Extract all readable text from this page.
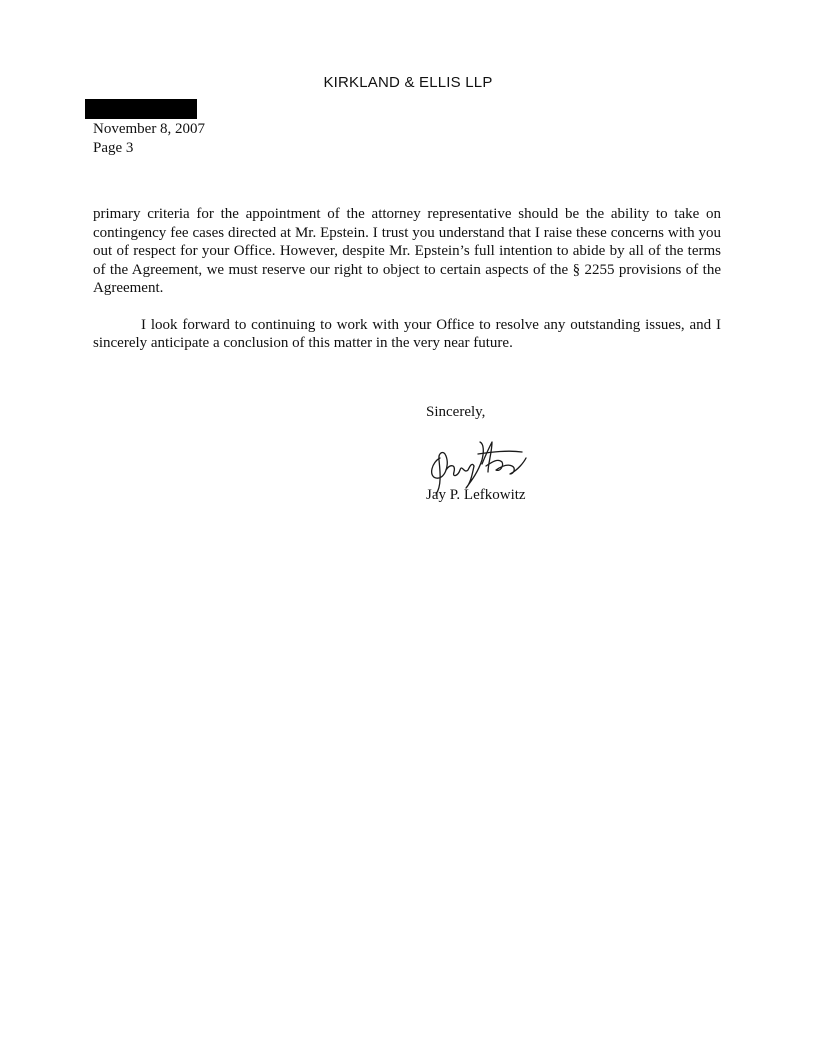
KIRKLAND & ELLIS LLP
November 8, 2007
Page 3

primary criteria for the appointment of the attorney representative should be the ability to take on contingency fee cases directed at Mr. Epstein. I trust you understand that I raise these concerns with you out of respect for your Office. However, despite Mr. Epstein’s full intention to abide by all of the terms of the Agreement, we must reserve our right to object to certain aspects of the § 2255 provisions of the Agreement.

I look forward to continuing to work with your Office to resolve any outstanding issues, and I sincerely anticipate a conclusion of this matter in the very near future.

Sincerely,
Jay P. Lefkowitz
